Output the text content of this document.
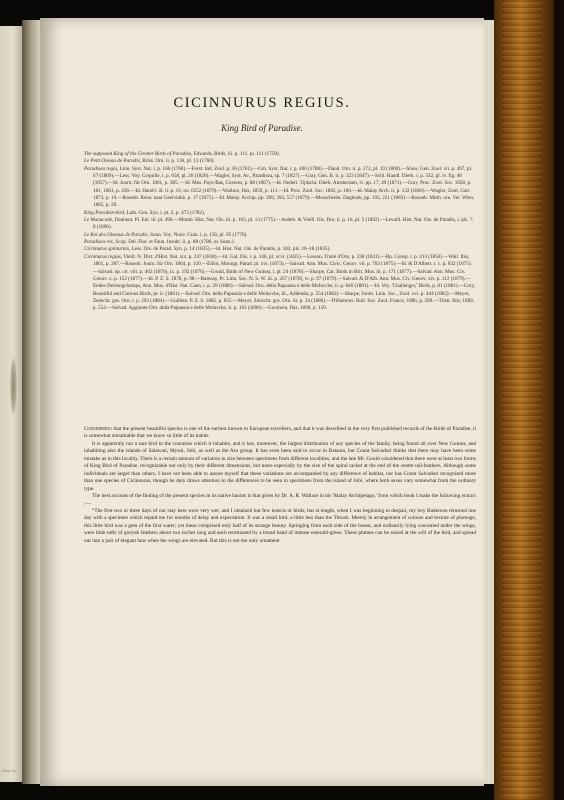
Hunt. ba.
CICINNURUS REGIUS.
King Bird of Paradise.

The supposed King of the Greater Birds of Paradise, Edwards, Birds, iii. p. 111, pl. 111 (1750).

Le Petit Oiseau de Paradis, Briss. Orn. ii. p. 136, pl. 13 (1760).

Paradisea regia, Linn. Syst. Nat. i. p. 166 (1766).—Forst. Ind. Zool. p. 36 (1781).—Gm. Syst. Nat. i. p. 400 (1788).—Daud. Orn. ii. p. 272, pl. 19 (1800).—Shaw, Gen. Zool. vii. p. 497, pl. 67 (1809).—Less. Voy. Coquille, i. p. 658, pl. 26 (1826).—Wagler, Syst. Av., Paradisea, sp. 7 (1827).—Gray, Gen. B. ii. p. 323 (1847).—Schl. Handl. Dierk. i. p. 332, pl. iv. fig. 46 (1857).—Id. Journ. für Orn. 1861, p. 385. —Id. Mus. Pays-Bas, Coraces, p. 88 (1867).—Id. Nederl. Tijdschr. Dierk. Amsterdam, iv. pp. 17, 49 (1871).—Gray, Proc. Zool. Soc. 1858, p. 181, 1861, p. 436.—Id. Hand-l. B. ii. p. 16, no. 6352 (1870).—Wallace, Ibis, 1859, p. 111.—Id. Proc. Zool. Soc. 1862, p. 160.—Id. Malay Arch. ii. p. 132 (1869).—Wagler, Zool. Gart. 1873, p. 10.—Rosenb. Reist. naar Geelvinkb. p. 17 (1875).—Id. Malay. Archip. pp. 369, 393, 557 (1879).—Musschenbr. Dagboek, pp. 192, 221 (1883).—Rosenb. Mitth. orn. Ver. Wien, 1885, p. 39.

King Paradise-bird, Lath. Gen. Syn. i. pt. 2, p. 473 (1782).

Le Manucode, Daubent. Pl. Enl. iii. pl. 496.—Montb. Hist. Nat. Ois. iii. p. 163, pl. 13 (1775).—Audeb. & Vieill. Ois. Dor. ii. p. 16, pl. 5 (1802).—Levaill. Hist. Nat. Ois. de Paradis, i. pls. 7, 8 (1806).

Le Roi des Oiseaux de Paradis, Sonn. Voy. Nouv. Guin. i. p. 156, pl. 95 (1776).

Paradisea rex, Scop. Del. Flor. et Faun. Insubr. ii. p. 88 (1786, ex Sonn.).

Cicinnurus spinturnix, Less. Ois. de Parad. Syn. p. 14 (1835).—Id. Hist. Nat. Ois. de Paradis, p. 182, pls. 16–18 (1835).

Cicinnurus regius, Vieill. N. Dict. d'Hist. Nat. xix. p. 247 (1818).—Id. Gal. Ois. i. p. 146, pl. xcvi. (1825).—Lesson, Traité d'Orn. p. 338 (1831).—Bp. Consp. i. p. 413 (1850).—Wall. Ibis, 1861, p. 287.—Rosenb. Journ. für Orn. 1864, p. 130.—Elliot, Monogr. Parad. pl. xvi. (1873).—Salvad. Ann. Mus. Civic. Genov. vii. p. 783 (1875).—Id. & D'Albert. t. c. p. 832 (1875).—Salvad. op. cit. viii. p. 402 (1876), ix. p. 192 (1876).—Gould, Birds of New Guinea, i. pl. 24 (1876).—Sharpe, Cat. Birds in Brit. Mus. iii. p. 171 (1877).—Salvad. Ann. Mus. Civ. Genov. x. p. 152 (1877).—Id. P. Z. S. 1878, p. 98.—Ramsay, Pr. Linn. Soc. N. S. W. iii. p. 267 (1878), iv. p. 97 (1879).—Salvad. & D'Alb. Ann. Mus. Civ. Genov. xiv. p. 112 (1879).—Endes-Deslongchamps, Ann. Mus. d'Hist. Nat. Caen, i. p. 29 (1880).—Salvad. Orn. della Papuasia e delle Molucche, ii. p. 646 (1881).—Id. Voy. 'Challenger,' Birds, p. 81 (1881).—Cory, Beautiful and Curious Birds, pt. ii. (1881).—Salvad. Orn. della Papuasia e delle Molucche, iii., Addenda, p. 554 (1882).—Sharpe, Journ. Linn. Soc., Zool. xvi. p. 444 (1882).—Meyer, Zeitschr. ges. Orn. i. p. 293 (1884).—Guillem. P. Z. S. 1885, p. 655.—Meyer, Zeitschr. ges. Orn. iii. p. 34 (1886).—D'Hamonv. Bull. Soc. Zool. France, 1886, p. 509.—Tristr. Ibis, 1889, p. 554.—Salvad. Aggiunte Orn. della Papuasia e delle Molucche, ii. p. 163 (1890).—Goodwin, Ibis, 1890, p. 150.

Considering that the present beautiful species is one of the earliest known to European travellers, and that it was described in the very first published records of the Birds of Paradise, it is somewhat remarkable that we know so little of its habits.

It is apparently not a rare bird in the countries which it inhabits, and it has, moreover, the largest distribution of any species of the family, being found all over New Guinea, and inhabiting also the islands of Salawati, Mysol, Jobi, as well as the Aru group. It has even been said to occur in Batanta, but Count Salvadori thinks that there may have been some mistake as to this locality. There is a certain amount of variation in size between specimens from different localities, and the late Mr. Gould considered that there were at least two forms of King Bird of Paradise, recognizable not only by their different dimensions, but more especially by the size of the spiral racket at the end of the centre tail-feathers. Although some individuals are larger than others, I have not been able to assure myself that these variations are accompanied by any difference of habitat, nor has Count Salvadori recognized more than one species of Cicinnurus, though he duly draws attention to the differences to be seen in specimens from the island of Jobi, where both sexes vary somewhat from the ordinary type.

The best account of the finding of the present species in its native haunts is that given by Dr. A. R. Wallace in his 'Malay Archipelago,' from which book I make the following extract :—

“The first two or three days of our stay here were very wet, and I obtained but few insects or birds; but at length, when I was beginning to despair, my boy Baderoon returned one day with a specimen which repaid me for months of delay and expectation. It was a small bird, a little less than the Thrush. Merely in arrangement of colours and texture of plumage, this little bird was a gem of the first water; yet these comprised only half of its strange beauty. Springing from each side of the breast, and ordinarily lying concealed under the wings, were little tufts of greyish feathers about two inches long and each terminated by a broad band of intense emerald-green. These plumes can be raised at the will of the bird, and spread out into a pair of elegant fans when the wings are elevated. But this is not the only ornament.
